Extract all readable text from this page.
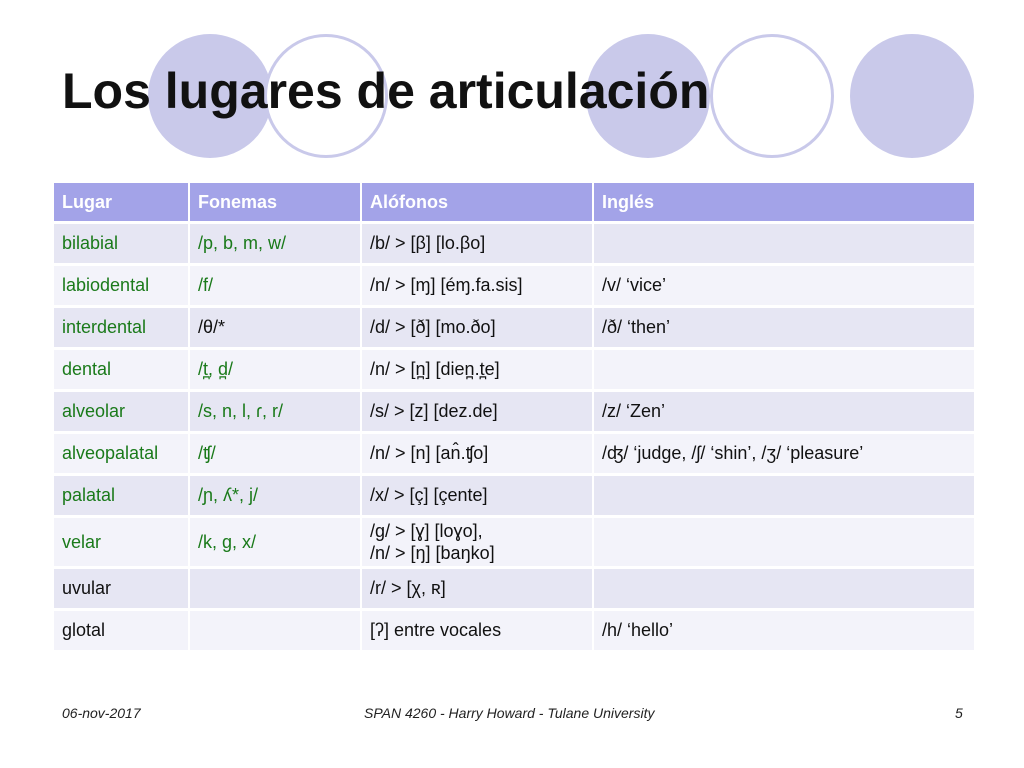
Los lugares de articulación
Lugar	Fonemas	Alófonos	Inglés
bilabial	/p, b, m, w/	/b/ > [β] [lo.βo]	
labiodental	/f/	/n/ > [ɱ] [éɱ.fa.sis]	/v/ ‘vice’
interdental	/θ/*	/d/ > [ð] [mo.ðo]	/ð/ ‘then’
dental	/t̪, d̪/	/n/ > [n̪] [dien̪.t̪e]	
alveolar	/s, n, l, ɾ, r/	/s/ > [z] [dez.de]	/z/ ‘Zen’
alveopalatal	/ʧ/	/n/ > [n] [an̂.ʧo]	/ʤ/ ‘judge, /ʃ/ ‘shin’, /ʒ/ ‘pleasure’
palatal	/ɲ, ʎ*, j/	/x/ > [ç] [çente]	
velar	/k, g, x/	/g/ > [ɣ] [loɣo],
/n/ > [ŋ] [baŋko]	
uvular		/r/ > [χ, ʀ]	
glotal		[ʔ] entre vocales	/h/ ‘hello’
06-nov-2017	SPAN 4260 - Harry Howard - Tulane University	5
